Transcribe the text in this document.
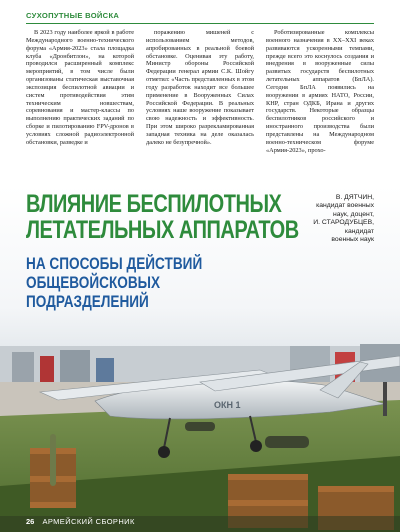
СУХОПУТНЫЕ ВОЙСКА

В 2023 году наиболее яркой в работе Международного военно-технического форума «Армия-2023» стала площадка клуба «Дронбитлон», на которой проводился расширенный комплекс мероприятий, в том числе были организованы статическая выставочная экспозиция беспилотной авиации и систем противодействия этим техническим новшествам, соревнования и мастер-классы по выполнению практических заданий по сборке и пилотированию FPV-дронов в условиях сложной радиоэлектронной обстановки, разведке и

поражению мишеней с использованием методов, апробированных в реальной боевой обстановке. Оценивая эту работу, Министр обороны Российской Федерации генерал армии С.К. Шойгу отметил: «Часть представленных в этом году разработок находит все большее применение в Вооруженных Силах Российской Федерации. В реальных условиях наше вооружение показывает свою надежность и эффективность. При этом широко разрекламированная западная техника на деле оказалась далеко не безупречной».

Роботизированные комплексы военного назначения в XX–XXI веках развиваются ускоренными темпами, прежде всего это коснулось создания и внедрения в вооруженные силы развитых государств беспилотных летательных аппаратов (БпЛА). Сегодня БпЛА появились на вооружении в армиях НАТО, России, КНР, стран ОДКБ, Ирана и других государств. Некоторые образцы беспилотников российского и иностранного производства были представлены на Международном военно-техническом форуме «Армия-2023», прохо-

ОКН 1
ВЛИЯНИЕ БЕСПИЛОТНЫХ
ЛЕТАТЕЛЬНЫХ АППАРАТОВ
НА СПОСОБЫ ДЕЙСТВИЙ ОБЩЕВОЙСКОВЫХ
ПОДРАЗДЕЛЕНИЙ
В. ДЯТЧИН,
кандидат военных
наук, доцент,
И. СТАРОДУБЦЕВ,
кандидат
военных наук
26 АРМЕЙСКИЙ СБОРНИК
